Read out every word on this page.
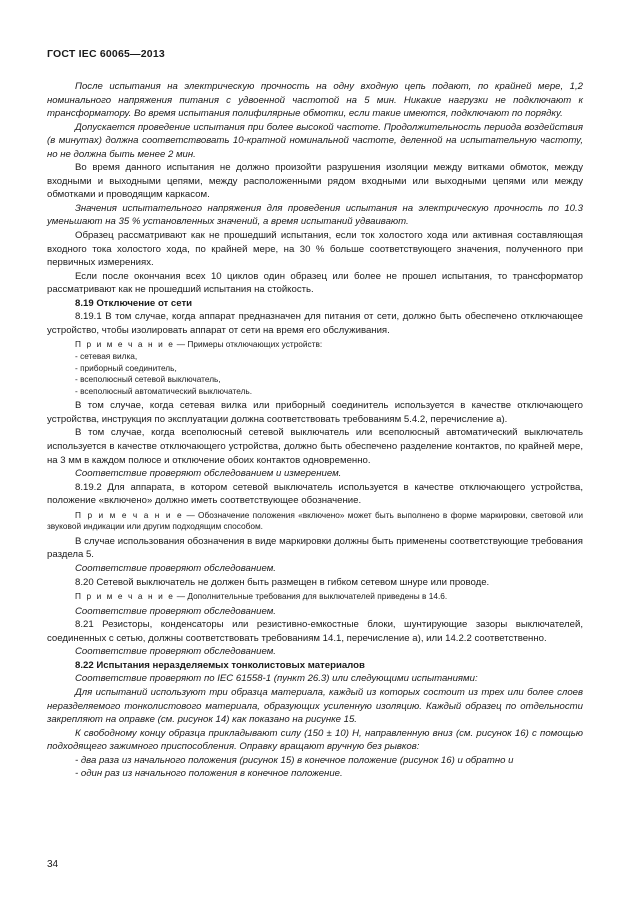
ГОСТ IEC 60065—2013

После испытания на электрическую прочность на одну входную цепь подают, по крайней мере, 1,2 номинального напряжения питания с удвоенной частотой на 5 мин. Никакие нагрузки не подключают к трансформатору. Во время испытания полифилярные обмотки, если такие имеются, подключают по порядку.

Допускается проведение испытания при более высокой частоте. Продолжительность периода воздействия (в минутах) должна соответствовать 10-кратной номинальной частоте, деленной на испытательную частоту, но не должна быть менее 2 мин.

Во время данного испытания не должно произойти разрушения изоляции между витками обмоток, между входными и выходными цепями, между расположенными рядом входными или выходными цепями или между обмотками и проводящим каркасом.

Значения испытательного напряжения для проведения испытания на электрическую прочность по 10.3 уменьшают на 35 % установленных значений, а время испытаний удваивают.

Образец рассматривают как не прошедший испытания, если ток холостого хода или активная составляющая входного тока холостого хода, по крайней мере, на 30 % больше соответствующего значения, полученного при первичных измерениях.

Если после окончания всех 10 циклов один образец или более не прошел испытания, то трансформатор рассматривают как не прошедший испытания на стойкость.

8.19 Отключение от сети

8.19.1 В том случае, когда аппарат предназначен для питания от сети, должно быть обеспечено отключающее устройство, чтобы изолировать аппарат от сети на время его обслуживания.

П р и м е ч а н и е — Примеры отключающих устройств:

- сетевая вилка,
- приборный соединитель,
- всеполюсный сетевой выключатель,
- всеполюсный автоматический выключатель.

В том случае, когда сетевая вилка или приборный соединитель используется в качестве отключающего устройства, инструкция по эксплуатации должна соответствовать требованиям 5.4.2, перечисление а).

В том случае, когда всеполюсный сетевой выключатель или всеполюсный автоматический выключатель используется в качестве отключающего устройства, должно быть обеспечено разделение контактов, по крайней мере, на 3 мм в каждом полюсе и отключение обоих контактов одновременно.

Соответствие проверяют обследованием и измерением.

8.19.2 Для аппарата, в котором сетевой выключатель используется в качестве отключающего устройства, положение «включено» должно иметь соответствующее обозначение.

П р и м е ч а н и е — Обозначение положения «включено» может быть выполнено в форме маркировки, световой или звуковой индикации или другим подходящим способом.

В случае использования обозначения в виде маркировки должны быть применены соответствующие требования раздела 5.

Соответствие проверяют обследованием.

8.20 Сетевой выключатель не должен быть размещен в гибком сетевом шнуре или проводе.

П р и м е ч а н и е — Дополнительные требования для выключателей приведены в 14.6.

Соответствие проверяют обследованием.

8.21 Резисторы, конденсаторы или резистивно-емкостные блоки, шунтирующие зазоры выключателей, соединенных с сетью, должны соответствовать требованиям 14.1, перечисление а), или 14.2.2 соответственно.

Соответствие проверяют обследованием.

8.22 Испытания неразделяемых тонколистовых материалов

Соответствие проверяют по IEC 61558-1 (пункт 26.3) или следующими испытаниями:

Для испытаний используют три образца материала, каждый из которых состоит из трех или более слоев неразделяемого тонколистового материала, образующих усиленную изоляцию. Каждый образец по отдельности закрепляют на оправке (см. рисунок 14) как показано на рисунке 15.

К свободному концу образца прикладывают силу (150 ± 10) Н, направленную вниз (см. рисунок 16) с помощью подходящего зажимного приспособления. Оправку вращают вручную без рывков:

- два раза из начального положения (рисунок 15) в конечное положение (рисунок 16) и обратно и

- один раз из начального положения в конечное положение.

34
